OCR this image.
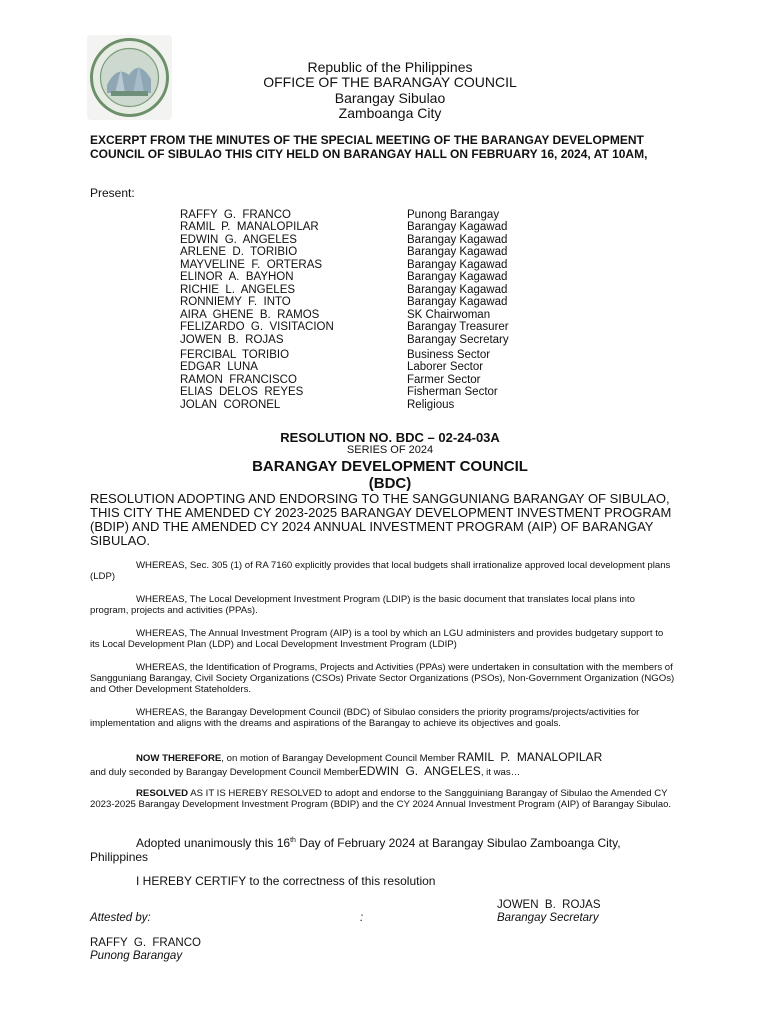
Republic of the Philippines
OFFICE OF THE BARANGAY COUNCIL
Barangay Sibulao
Zamboanga City
EXCERPT FROM THE MINUTES OF THE SPECIAL MEETING OF THE BARANGAY DEVELOPMENT COUNCIL OF SIBULAO THIS CITY HELD ON BARANGAY HALL ON FEBRUARY 16, 2024, AT 10AM,
Present:
RAFFY  G.  FRANCO	Punong Barangay
RAMIL  P.  MANALOPILAR	Barangay Kagawad
EDWIN  G.  ANGELES	Barangay Kagawad
ARLENE  D.  TORIBIO	Barangay Kagawad
MAYVELINE  F.  ORTERAS	Barangay Kagawad
ELINOR  A.  BAYHON	Barangay Kagawad
RICHIE  L.  ANGELES	Barangay Kagawad
RONNIEMY  F.  INTO	Barangay Kagawad
AIRA  GHENE  B.  RAMOS	SK Chairwoman
FELIZARDO  G.  VISITACION	Barangay Treasurer
JOWEN  B.  ROJAS	Barangay Secretary
FERCIBAL  TORIBIO	Business Sector
EDGAR  LUNA	Laborer Sector
RAMON  FRANCISCO	Farmer Sector
ELIAS  DELOS  REYES	Fisherman Sector
JOLAN  CORONEL	Religious
RESOLUTION NO. BDC – 02-24-03A
SERIES OF 2024
BARANGAY DEVELOPMENT COUNCIL
(BDC)
RESOLUTION ADOPTING AND ENDORSING TO THE SANGGUNIANG BARANGAY OF SIBULAO, THIS CITY THE AMENDED CY 2023-2025 BARANGAY DEVELOPMENT INVESTMENT PROGRAM (BDIP) AND THE AMENDED CY 2024 ANNUAL INVESTMENT PROGRAM (AIP) OF BARANGAY SIBULAO.
WHEREAS, Sec. 305 (1) of RA 7160 explicitly provides that local budgets shall irrationalize approved local development plans (LDP)
WHEREAS, The Local Development Investment Program (LDIP) is the basic document that translates local plans into program, projects and activities (PPAs).
WHEREAS, The Annual Investment Program (AIP) is a tool by which an LGU administers and provides budgetary support to its Local Development Plan (LDP) and Local Development Investment Program (LDIP)
WHEREAS, the Identification of Programs, Projects and Activities (PPAs) were undertaken in consultation with the members of Sangguniang Barangay, Civil Society Organizations (CSOs) Private Sector Organizations (PSOs), Non-Government Organization (NGOs) and Other Development Stateholders.
WHEREAS, the Barangay Development Council (BDC) of Sibulao considers the priority programs/projects/activities for implementation and aligns with the dreams and aspirations of the Barangay to achieve its objectives and goals.
NOW THEREFORE, on motion of Barangay Development Council Member RAMIL  P.  MANALOPILAR
and duly seconded by Barangay Development Council MemberEDWIN  G.  ANGELES, it was…
RESOLVED AS IT IS HEREBY RESOLVED to adopt and endorse to the Sangguiniang Barangay of Sibulao the Amended CY 2023-2025 Barangay Development Investment Program (BDIP) and the CY 2024 Annual Investment Program (AIP) of Barangay Sibulao.
Adopted unanimously this 16th Day of February 2024 at Barangay Sibulao Zamboanga City, Philippines
I HEREBY CERTIFY to the correctness of this resolution
JOWEN  B.  ROJAS
Barangay Secretary
Attested by:	:
RAFFY  G.  FRANCO
Punong Barangay
